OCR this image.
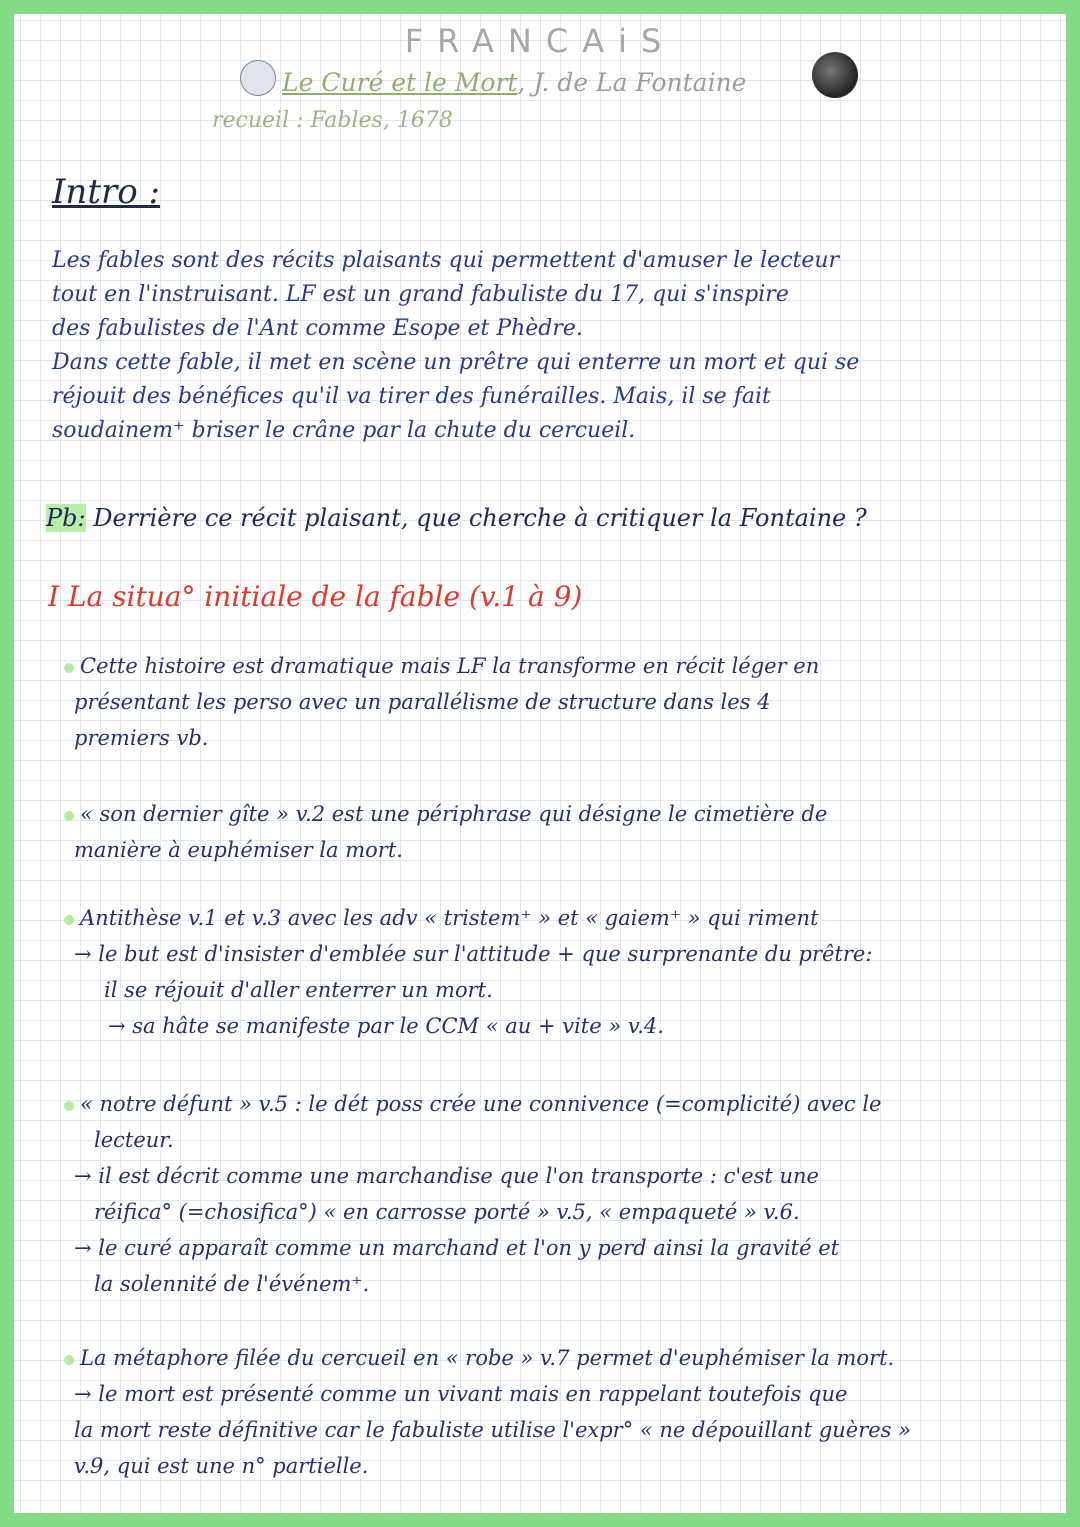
FRANCAiS
Le Curé et le Mort, J. de La Fontaine
recueil : Fables, 1678
Intro :
Les fables sont des récits plaisants qui permettent d'amuser le lecteur
tout en l'instruisant. LF est un grand fabuliste du 17, qui s'inspire
des fabulistes de l'Ant comme Esope et Phèdre.
Dans cette fable, il met en scène un prêtre qui enterre un mort et qui se
réjouit des bénéfices qu'il va tirer des funérailles. Mais, il se fait
soudainem⁺ briser le crâne par la chute du cercueil.
Pb: Derrière ce récit plaisant, que cherche à critiquer la Fontaine ?
I La situa° initiale de la fable (v.1 à 9)
Cette histoire est dramatique mais LF la transforme en récit léger en
présentant les perso avec un parallélisme de structure dans les 4
premiers vb.
« son dernier gîte » v.2 est une périphrase qui désigne le cimetière de
manière à euphémiser la mort.
Antithèse v.1 et v.3 avec les adv « tristem⁺ » et « gaiem⁺ » qui riment
→ le but est d'insister d'emblée sur l'attitude + que surprenante du prêtre:
il se réjouit d'aller enterrer un mort.
→ sa hâte se manifeste par le CCM « au + vite » v.4.
« notre défunt » v.5 : le dét poss crée une connivence (=complicité) avec le
lecteur.
→ il est décrit comme une marchandise que l'on transporte : c'est une
réifica° (=chosifica°) « en carrosse porté » v.5, « empaqueté » v.6.
→ le curé apparaît comme un marchand et l'on y perd ainsi la gravité et
la solennité de l'événem⁺.
La métaphore filée du cercueil en « robe » v.7 permet d'euphémiser la mort.
→ le mort est présenté comme un vivant mais en rappelant toutefois que
la mort reste définitive car le fabuliste utilise l'expr° « ne dépouillant guères »
v.9, qui est une n° partielle.
